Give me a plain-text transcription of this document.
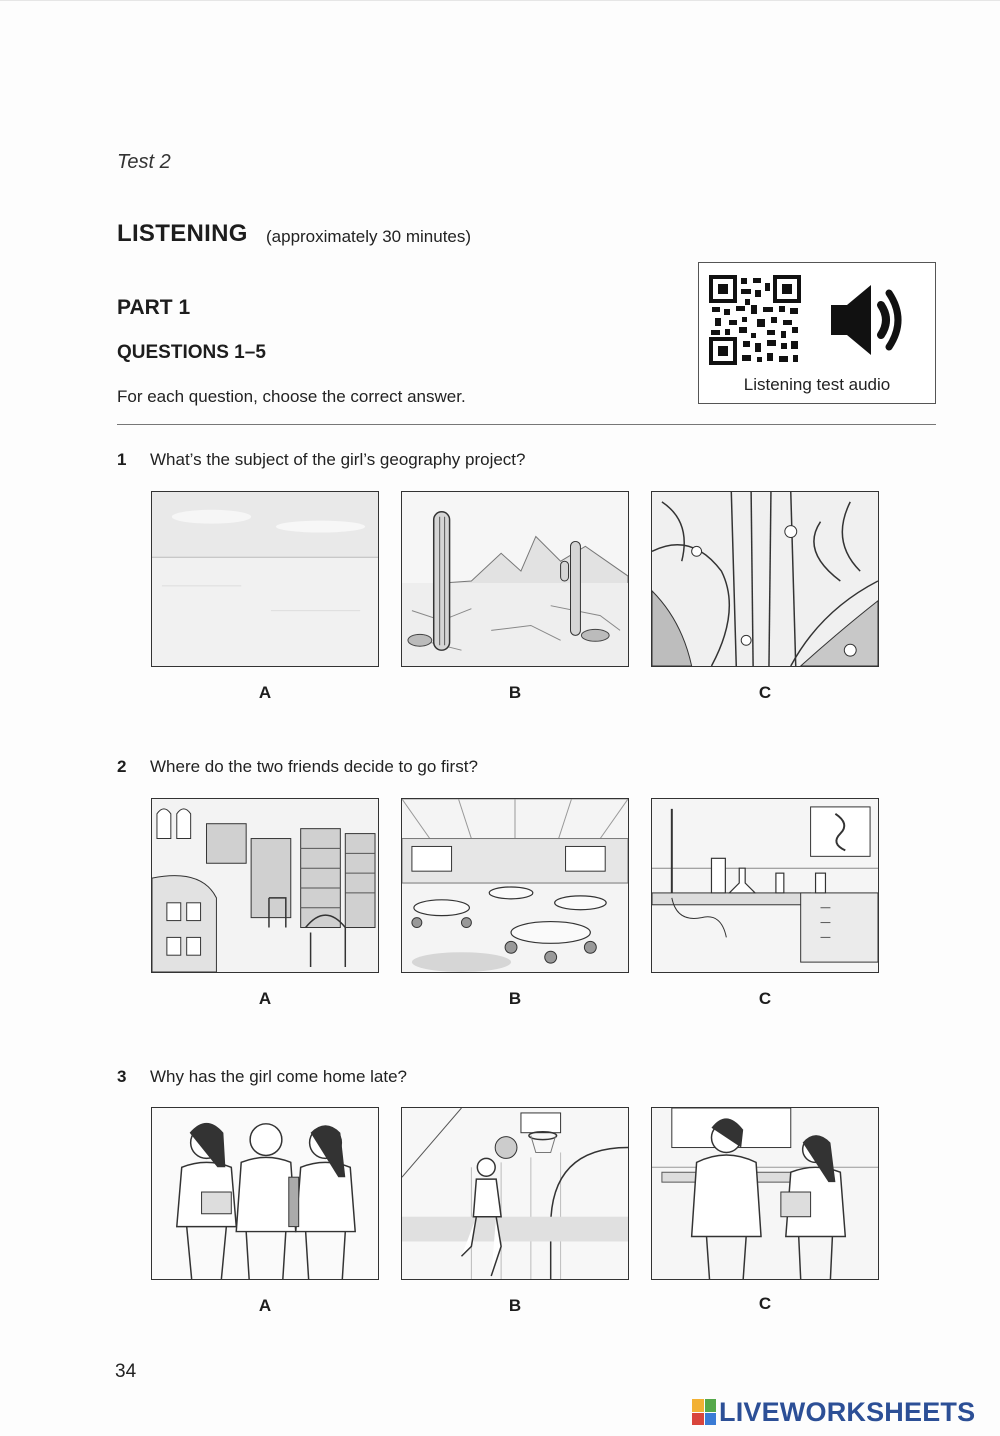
Test 2
LISTENING (approximately 30 minutes)
PART 1
QUESTIONS 1–5
For each question, choose the correct answer.
Listening test audio
1 What’s the subject of the girl’s geography project?
A	B	C
2 Where do the two friends decide to go first?
A	B	C
3 Why has the girl come home late?
A	B	C
34
LIVEWORKSHEETS
